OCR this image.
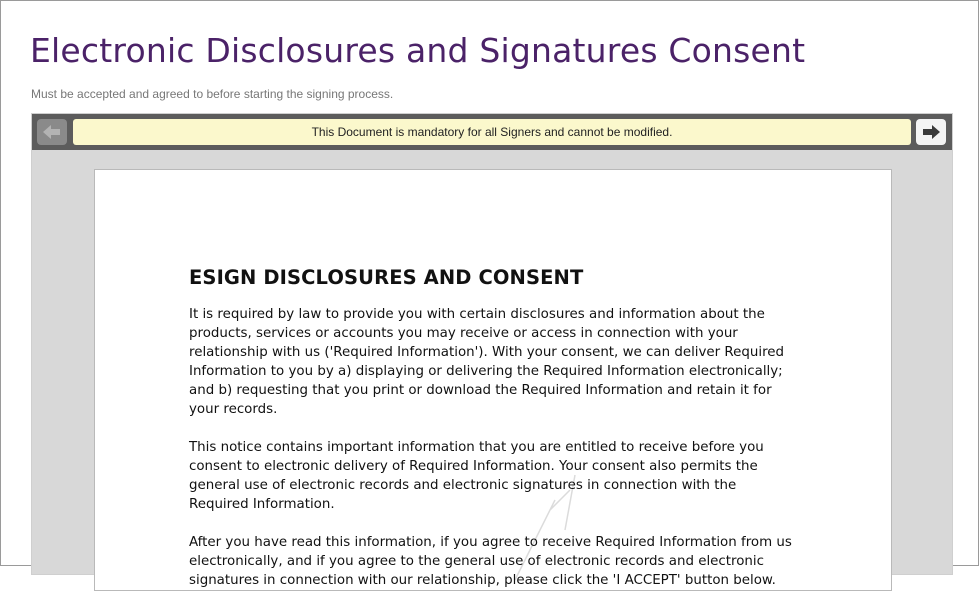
Electronic Disclosures and Signatures Consent

Must be accepted and agreed to before starting the signing process.

This Document is mandatory for all Signers and cannot be modified.
ESIGN DISCLOSURES AND CONSENT

It is required by law to provide you with certain disclosures and information about the products, services or accounts you may receive or access in connection with your relationship with us ('Required Information'). With your consent, we can deliver Required Information to you by a) displaying or delivering the Required Information electronically; and b) requesting that you print or download the Required Information and retain it for your records.

This notice contains important information that you are entitled to receive before you consent to electronic delivery of Required Information. Your consent also permits the general use of electronic records and electronic signatures in connection with the Required Information.

After you have read this information, if you agree to receive Required Information from us electronically, and if you agree to the general use of electronic records and electronic signatures in connection with our relationship, please click the 'I ACCEPT' button below.
